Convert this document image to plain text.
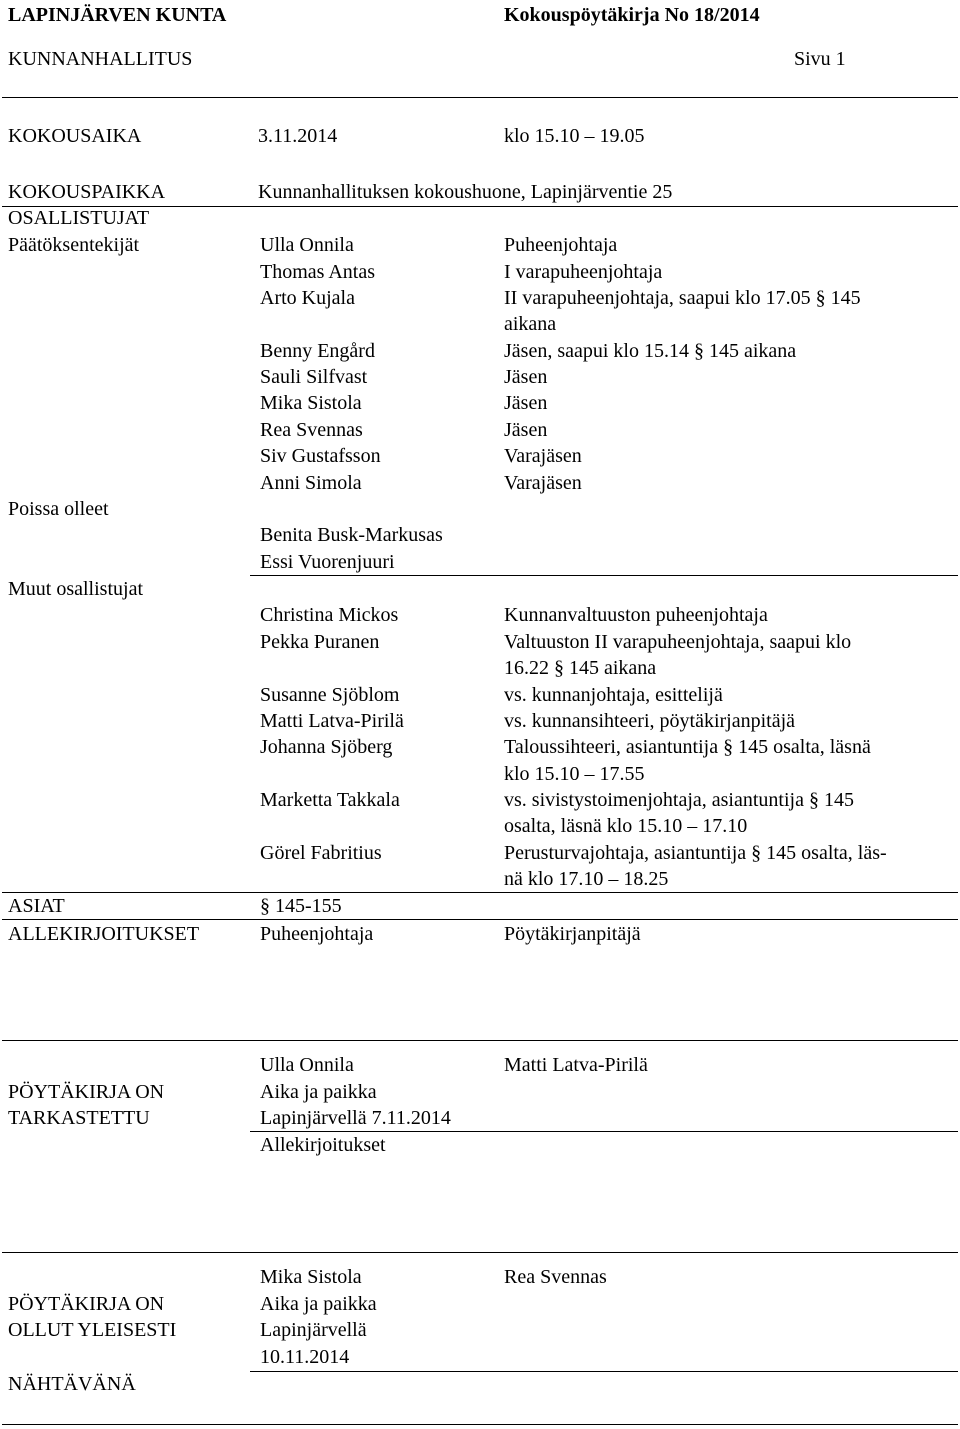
LAPINJÄRVEN KUNTA	Kokouspöytäkirja No 18/2014
KUNNANHALLITUS	Sivu 1
KOKOUSAIKA	3.11.2014	klo 15.10 – 19.05
KOKOUSPAIKKA	Kunnanhallituksen kokoushuone, Lapinjärventie 25
OSALLISTUJAT
Päätöksentekijät	Ulla Onnila	Puheenjohtaja
Thomas Antas	I varapuheenjohtaja
Arto Kujala	II varapuheenjohtaja, saapui klo 17.05 § 145
aikana
Benny Engård	Jäsen, saapui klo 15.14 § 145 aikana
Sauli Silfvast	Jäsen
Mika Sistola	Jäsen
Rea Svennas	Jäsen
Siv Gustafsson	Varajäsen
Anni Simola	Varajäsen
Poissa olleet
Benita Busk-Markusas
Essi Vuorenjuuri
Muut osallistujat
Christina Mickos	Kunnanvaltuuston puheenjohtaja
Pekka Puranen	Valtuuston II varapuheenjohtaja, saapui klo
16.22 § 145 aikana
Susanne Sjöblom	vs. kunnanjohtaja, esittelijä
Matti Latva-Pirilä	vs. kunnansihteeri, pöytäkirjanpitäjä
Johanna Sjöberg	Taloussihteeri, asiantuntija § 145 osalta, läsnä
klo 15.10 – 17.55
Marketta Takkala	vs. sivistystoimenjohtaja, asiantuntija § 145
osalta, läsnä klo 15.10 – 17.10
Görel Fabritius	Perusturvajohtaja, asiantuntija § 145 osalta, läs-
nä klo 17.10 – 18.25
ASIAT	§ 145-155
ALLEKIRJOITUKSET	Puheenjohtaja	Pöytäkirjanpitäjä
Ulla Onnila	Matti Latva-Pirilä
PÖYTÄKIRJA ON	Aika ja paikka
TARKASTETTU	Lapinjärvellä 7.11.2014
Allekirjoitukset
Mika Sistola	Rea Svennas
PÖYTÄKIRJA ON	Aika ja paikka
OLLUT YLEISESTI	Lapinjärvellä
10.11.2014
NÄHTÄVÄNÄ
